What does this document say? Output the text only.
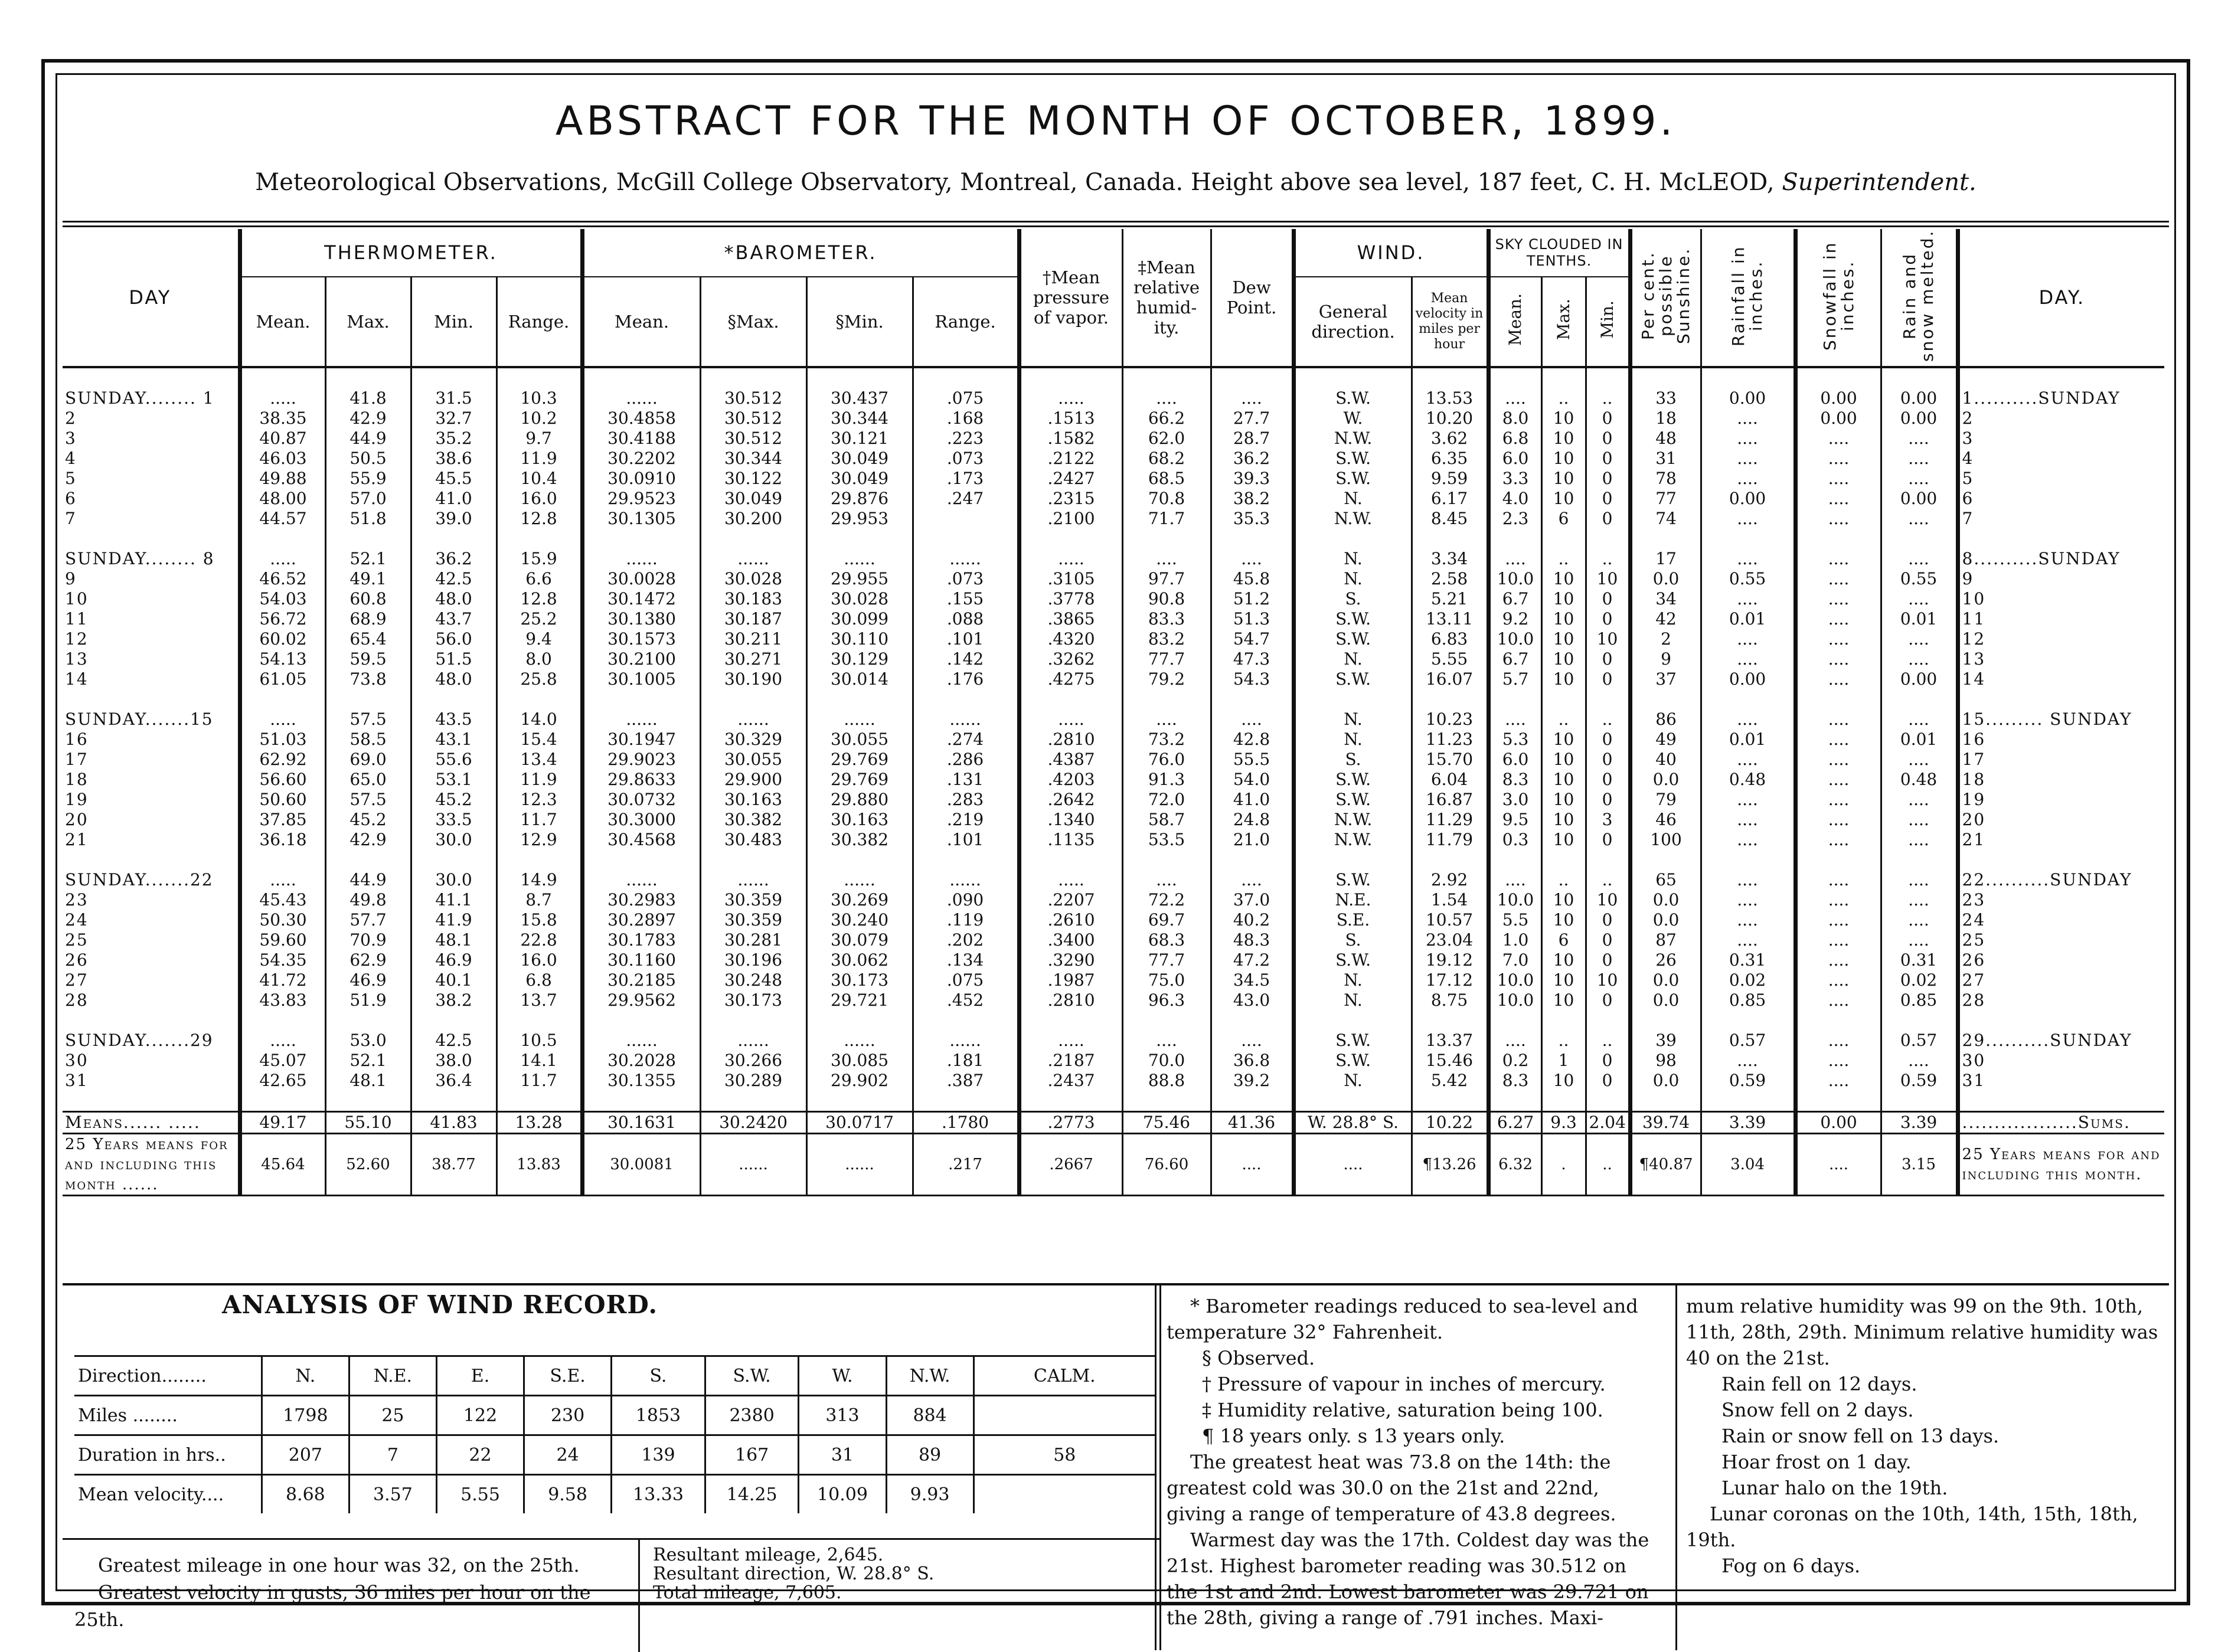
ABSTRACT FOR THE MONTH OF OCTOBER, 1899.
Meteorological Observations, McGill College Observatory, Montreal, Canada. Height above sea level, 187 feet, C. H. McLEOD, Superintendent.
DAY	THERMOMETER.				*BAROMETER.				†Mean pressure of vapor.	‡Mean relative humid- ity.	Dew Point.	WIND.		SKY CLOUDED IN TENTHS.			Per cent. possible Sunshine.	Rainfall in inches.	Snowfall in inches.	Rain and snow melted.	DAY.
	Mean.	Max.	Min.	Range.	Mean.	§Max.	§Min.	Range.				General direction.	Mean velocity in miles per hour	Mean.	Max.	Min.					

SUNDAY........ 1	.....	41.8	31.5	10.3	......	30.512	30.437	.075	.....	....	....	S.W.	13.53	....	..	..	33	0.00	0.00	0.00	1..........SUNDAY
2	38.35	42.9	32.7	10.2	30.4858	30.512	30.344	.168	.1513	66.2	27.7	W.	10.20	8.0	10	0	18	....	0.00	0.00	2
3	40.87	44.9	35.2	9.7	30.4188	30.512	30.121	.223	.1582	62.0	28.7	N.W.	3.62	6.8	10	0	48	....	....	....	3
4	46.03	50.5	38.6	11.9	30.2202	30.344	30.049	.073	.2122	68.2	36.2	S.W.	6.35	6.0	10	0	31	....	....	....	4
5	49.88	55.9	45.5	10.4	30.0910	30.122	30.049	.173	.2427	68.5	39.3	S.W.	9.59	3.3	10	0	78	....	....	....	5
6	48.00	57.0	41.0	16.0	29.9523	30.049	29.876	.247	.2315	70.8	38.2	N.	6.17	4.0	10	0	77	0.00	....	0.00	6
7	44.57	51.8	39.0	12.8	30.1305	30.200	29.953		.2100	71.7	35.3	N.W.	8.45	2.3	6	0	74	....	....	....	7

SUNDAY........ 8	.....	52.1	36.2	15.9	......	......	......	......	.....	....	....	N.	3.34	....	..	..	17	....	....	....	8..........SUNDAY
9	46.52	49.1	42.5	6.6	30.0028	30.028	29.955	.073	.3105	97.7	45.8	N.	2.58	10.0	10	10	0.0	0.55	....	0.55	9
10	54.03	60.8	48.0	12.8	30.1472	30.183	30.028	.155	.3778	90.8	51.2	S.	5.21	6.7	10	0	34	....	....	....	10
11	56.72	68.9	43.7	25.2	30.1380	30.187	30.099	.088	.3865	83.3	51.3	S.W.	13.11	9.2	10	0	42	0.01	....	0.01	11
12	60.02	65.4	56.0	9.4	30.1573	30.211	30.110	.101	.4320	83.2	54.7	S.W.	6.83	10.0	10	10	2	....	....	....	12
13	54.13	59.5	51.5	8.0	30.2100	30.271	30.129	.142	.3262	77.7	47.3	N.	5.55	6.7	10	0	9	....	....	....	13
14	61.05	73.8	48.0	25.8	30.1005	30.190	30.014	.176	.4275	79.2	54.3	S.W.	16.07	5.7	10	0	37	0.00	....	0.00	14

SUNDAY.......15	.....	57.5	43.5	14.0	......	......	......	......	.....	....	....	N.	10.23	....	..	..	86	....	....	....	15......... SUNDAY
16	51.03	58.5	43.1	15.4	30.1947	30.329	30.055	.274	.2810	73.2	42.8	N.	11.23	5.3	10	0	49	0.01	....	0.01	16
17	62.92	69.0	55.6	13.4	29.9023	30.055	29.769	.286	.4387	76.0	55.5	S.	15.70	6.0	10	0	40	....	....	....	17
18	56.60	65.0	53.1	11.9	29.8633	29.900	29.769	.131	.4203	91.3	54.0	S.W.	6.04	8.3	10	0	0.0	0.48	....	0.48	18
19	50.60	57.5	45.2	12.3	30.0732	30.163	29.880	.283	.2642	72.0	41.0	S.W.	16.87	3.0	10	0	79	....	....	....	19
20	37.85	45.2	33.5	11.7	30.3000	30.382	30.163	.219	.1340	58.7	24.8	N.W.	11.29	9.5	10	3	46	....	....	....	20
21	36.18	42.9	30.0	12.9	30.4568	30.483	30.382	.101	.1135	53.5	21.0	N.W.	11.79	0.3	10	0	100	....	....	....	21

SUNDAY.......22	.....	44.9	30.0	14.9	......	......	......	......	.....	....	....	S.W.	2.92	....	..	..	65	....	....	....	22..........SUNDAY
23	45.43	49.8	41.1	8.7	30.2983	30.359	30.269	.090	.2207	72.2	37.0	N.E.	1.54	10.0	10	10	0.0	....	....	....	23
24	50.30	57.7	41.9	15.8	30.2897	30.359	30.240	.119	.2610	69.7	40.2	S.E.	10.57	5.5	10	0	0.0	....	....	....	24
25	59.60	70.9	48.1	22.8	30.1783	30.281	30.079	.202	.3400	68.3	48.3	S.	23.04	1.0	6	0	87	....	....	....	25
26	54.35	62.9	46.9	16.0	30.1160	30.196	30.062	.134	.3290	77.7	47.2	S.W.	19.12	7.0	10	0	26	0.31	....	0.31	26
27	41.72	46.9	40.1	6.8	30.2185	30.248	30.173	.075	.1987	75.0	34.5	N.	17.12	10.0	10	10	0.0	0.02	....	0.02	27
28	43.83	51.9	38.2	13.7	29.9562	30.173	29.721	.452	.2810	96.3	43.0	N.	8.75	10.0	10	0	0.0	0.85	....	0.85	28

SUNDAY.......29	.....	53.0	42.5	10.5	......	......	......	......	.....	....	....	S.W.	13.37	....	..	..	39	0.57	....	0.57	29..........SUNDAY
30	45.07	52.1	38.0	14.1	30.2028	30.266	30.085	.181	.2187	70.0	36.8	S.W.	15.46	0.2	1	0	98	....	....	....	30
31	42.65	48.1	36.4	11.7	30.1355	30.289	29.902	.387	.2437	88.8	39.2	N.	5.42	8.3	10	0	0.0	0.59	....	0.59	31

Means...... .....	49.17	55.10	41.83	13.28	30.1631	30.2420	30.0717	.1780	.2773	75.46	41.36	W. 28.8° S.	10.22	6.27	9.3	2.04	39.74	3.39	0.00	3.39	..................Sums.
25 Years means for and including this month ......	45.64	52.60	38.77	13.83	30.0081	......	......	.217	.2667	76.60	....	....	¶13.26	6.32	.	..	¶40.87	3.04	....	3.15	25 Years means for and including this month.
ANALYSIS OF WIND RECORD.
Direction........	N.	N.E.	E.	S.E.	S.	S.W.	W.	N.W.	CALM.
Miles ........	1798	25	122	230	1853	2380	313	884	
Duration in hrs..	207	7	22	24	139	167	31	89	58
Mean velocity....	8.68	3.57	5.55	9.58	13.33	14.25	10.09	9.93	

Greatest mileage in one hour was 32, on the 25th.

Greatest velocity in gusts, 36 miles per hour on the 25th.

Resultant mileage, 2,645.
Resultant direction, W. 28.8° S.
Total mileage, 7,605.

* Barometer readings reduced to sea-level and temperature 32° Fahrenheit.

§ Observed.

† Pressure of vapour in inches of mercury.

‡ Humidity relative, saturation being 100.

¶ 18 years only. s 13 years only.

The greatest heat was 73.8 on the 14th: the greatest cold was 30.0 on the 21st and 22nd, giving a range of temperature of 43.8 degrees.

Warmest day was the 17th. Coldest day was the 21st. Highest barometer reading was 30.512 on the 1st and 2nd. Lowest barometer was 29.721 on the 28th, giving a range of .791 inches. Maxi-

mum relative humidity was 99 on the 9th. 10th, 11th, 28th, 29th. Minimum relative humidity was 40 on the 21st.

Rain fell on 12 days.

Snow fell on 2 days.

Rain or snow fell on 13 days.

Hoar frost on 1 day.

Lunar halo on the 19th.

Lunar coronas on the 10th, 14th, 15th, 18th, 19th.

Fog on 6 days.
